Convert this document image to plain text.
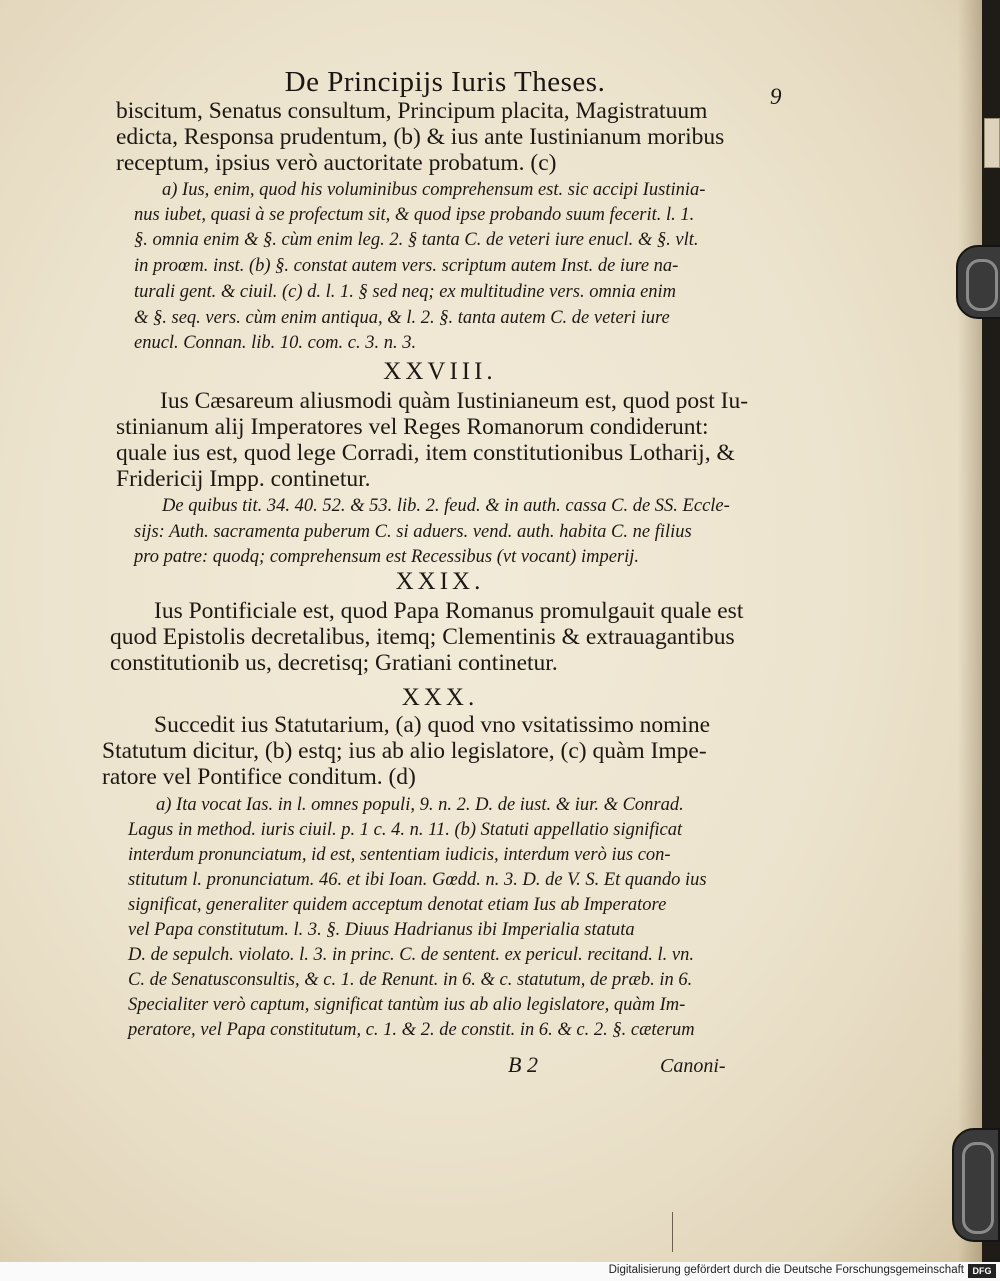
De Principijs Iuris Theses.	9
biscitum, Senatus consultum, Principum placita, Magistratuum
edicta, Responsa prudentum, (b) & ius ante Iustinianum moribus
receptum, ipsius verò auctoritate probatum. (c)
a) Ius, enim, quod his voluminibus comprehensum est. sic accipi Iustinia-
nus iubet, quasi à se profectum sit, & quod ipse probando suum fecerit. l. 1.
§. omnia enim & §. cùm enim leg. 2. § tanta C. de veteri iure enucl. & §. vlt.
in proœm. inst. (b) §. constat autem vers. scriptum autem Inst. de iure na-
turali gent. & ciuil. (c) d. l. 1. § sed neq; ex multitudine vers. omnia enim
& §. seq. vers. cùm enim antiqua, & l. 2. §. tanta autem C. de veteri iure
enucl. Connan. lib. 10. com. c. 3. n. 3.
XXVIII.
Ius Cæsareum aliusmodi quàm Iustinianeum est, quod post Iu-
stinianum alij Imperatores vel Reges Romanorum condiderunt:
quale ius est, quod lege Corradi, item constitutionibus Lotharij, &
Fridericij Impp. continetur.
De quibus tit. 34. 40. 52. & 53. lib. 2. feud. & in auth. cassa C. de SS. Eccle-
sijs: Auth. sacramenta puberum C. si aduers. vend. auth. habita C. ne filius
pro patre: quodq; comprehensum est Recessibus (vt vocant) imperij.
XXIX.
Ius Pontificiale est, quod Papa Romanus promulgauit quale est
quod Epistolis decretalibus, itemq; Clementinis & extrauagantibus
constitutionib us, decretisq; Gratiani continetur.
XXX.
Succedit ius Statutarium, (a) quod vno vsitatissimo nomine
Statutum dicitur, (b) estq; ius ab alio legislatore, (c) quàm Impe-
ratore vel Pontifice conditum. (d)
a) Ita vocat Ias. in l. omnes populi, 9. n. 2. D. de iust. & iur. & Conrad.
Lagus in method. iuris ciuil. p. 1 c. 4. n. 11. (b) Statuti appellatio significat
interdum pronunciatum, id est, sententiam iudicis, interdum verò ius con-
stitutum l. pronunciatum. 46. et ibi Ioan. Gœdd. n. 3. D. de V. S. Et quando ius
significat, generaliter quidem acceptum denotat etiam Ius ab Imperatore
vel Papa constitutum. l. 3. §. Diuus Hadrianus ibi Imperialia statuta
D. de sepulch. violato. l. 3. in princ. C. de sentent. ex pericul. recitand. l. vn.
C. de Senatusconsultis, & c. 1. de Renunt. in 6. & c. statutum, de præb. in 6.
Specialiter verò captum, significat tantùm ius ab alio legislatore, quàm Im-
peratore, vel Papa constitutum, c. 1. & 2. de constit. in 6. & c. 2. §. cæterum
B 2	Canoni-
Digitalisierung gefördert durch die Deutsche Forschungsgemeinschaft DFG
